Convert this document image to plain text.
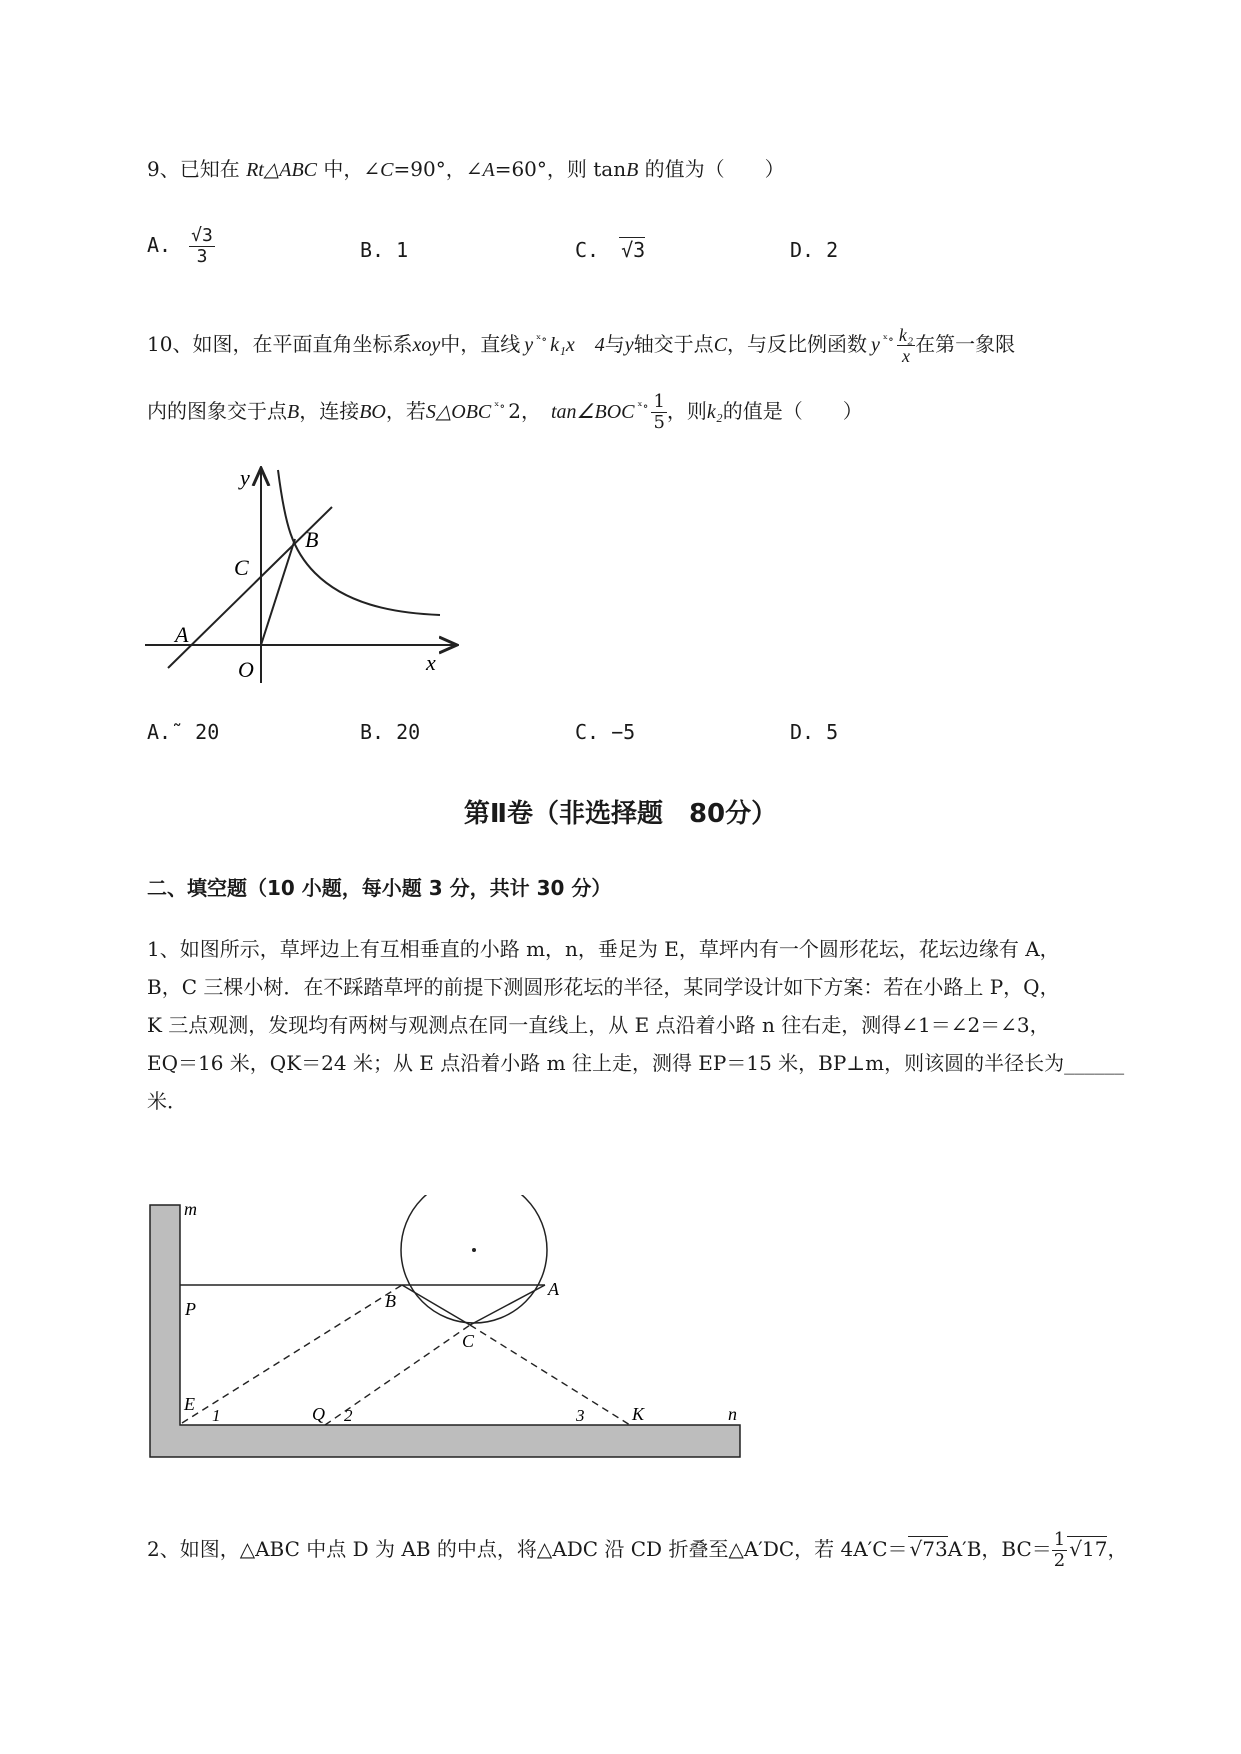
9、已知在 Rt△ABC 中，∠C=90°，∠A=60°，则 tanB 的值为（　　）
A. $\frac{√3}{3}$	B. 1	C. √3	D. 2
10、如图，在平面直角坐标系xoy中，直线 y $^{ˣ\circ}$ k₁x　4与y轴交于点C，与反比例函数 y $^{ˣ\circ} \frac{\text{k₂}}{x}$ 在第一象限
内的图象交于点B，连接BO，若S△OBC $^{ˣ\circ}$ 2， tan∠BOC $^{ˣ\circ} \frac{1}{5}$ ，则k₂的值是（　　）
y
x
O
A
B
C
A.˜ 20	B. 20	C. −5	D. 5
第Ⅱ卷（非选择题　80分）
二、填空题（10 小题，每小题 3 分，共计 30 分）
1、如图所示，草坪边上有互相垂直的小路 m，n，垂足为 E，草坪内有一个圆形花坛，花坛边缘有 A，
B，C 三棵小树．在不踩踏草坪的前提下测圆形花坛的半径，某同学设计如下方案：若在小路上 P，Q，
K 三点观测，发现均有两树与观测点在同一直线上，从 E 点沿着小路 n 往右走，测得∠1＝∠2＝∠3，
EQ＝16 米，QK＝24 米；从 E 点沿着小路 m 往上走，测得 EP＝15 米，BP⊥m，则该圆的半径长为______
米．
m
n
P
E	Q	K
A
B
C
1	2	3
2、如图，△ABC 中点 D 为 AB 的中点，将△ADC 沿 CD 折叠至△A′DC，若 4A′C＝ √73A′B，$BC= \frac{1}{2} √17$，
